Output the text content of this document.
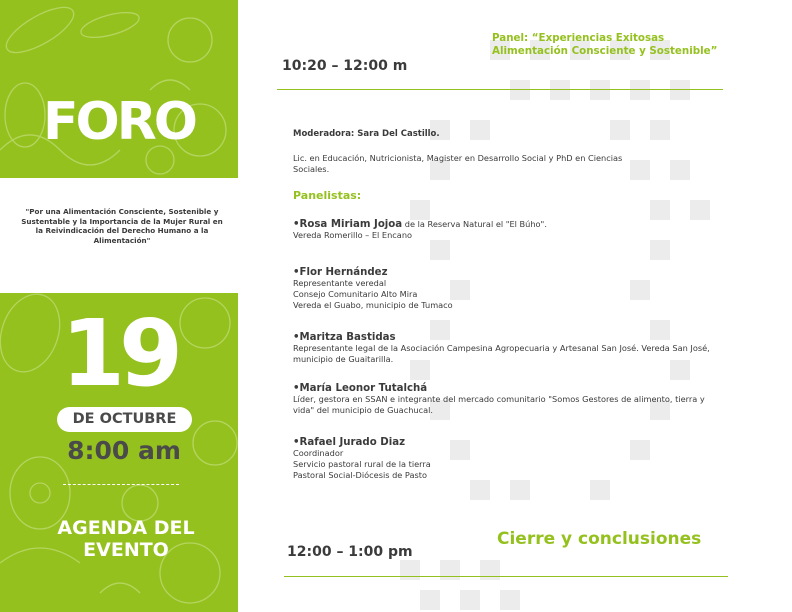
FORO
"Por una Alimentación Consciente, Sostenible y Sustentable y la Importancia de la Mujer Rural en la Reivindicación del Derecho Humano a la Alimentación"
19
DE OCTUBRE
8:00 am
AGENDA DEL
EVENTO
10:20 – 12:00 m
Panel: “Experiencias Exitosas Alimentación Consciente y Sostenible”
Moderadora: Sara Del Castillo.
Lic. en Educación, Nutricionista, Magister en Desarrollo Social y PhD en Ciencias Sociales.
Panelistas:
•Rosa Miriam Jojoa de la Reserva Natural el "El Búho".
Vereda Romerillo – El Encano
•Flor Hernández
Representante veredal
Consejo Comunitario Alto Mira
Vereda el Guabo, municipio de Tumaco
•Maritza Bastidas
Representante legal de la Asociación Campesina Agropecuaria y Artesanal San José. Vereda San José, municipio de Guaitarilla.
•María Leonor Tutalchá
Líder, gestora en SSAN e integrante del mercado comunitario "Somos Gestores de alimento, tierra y vida" del municipio de Guachucal.
•Rafael Jurado Diaz
Coordinador
Servicio pastoral rural de la tierra
Pastoral Social-Diócesis de Pasto
12:00 – 1:00 pm
Cierre y conclusiones
